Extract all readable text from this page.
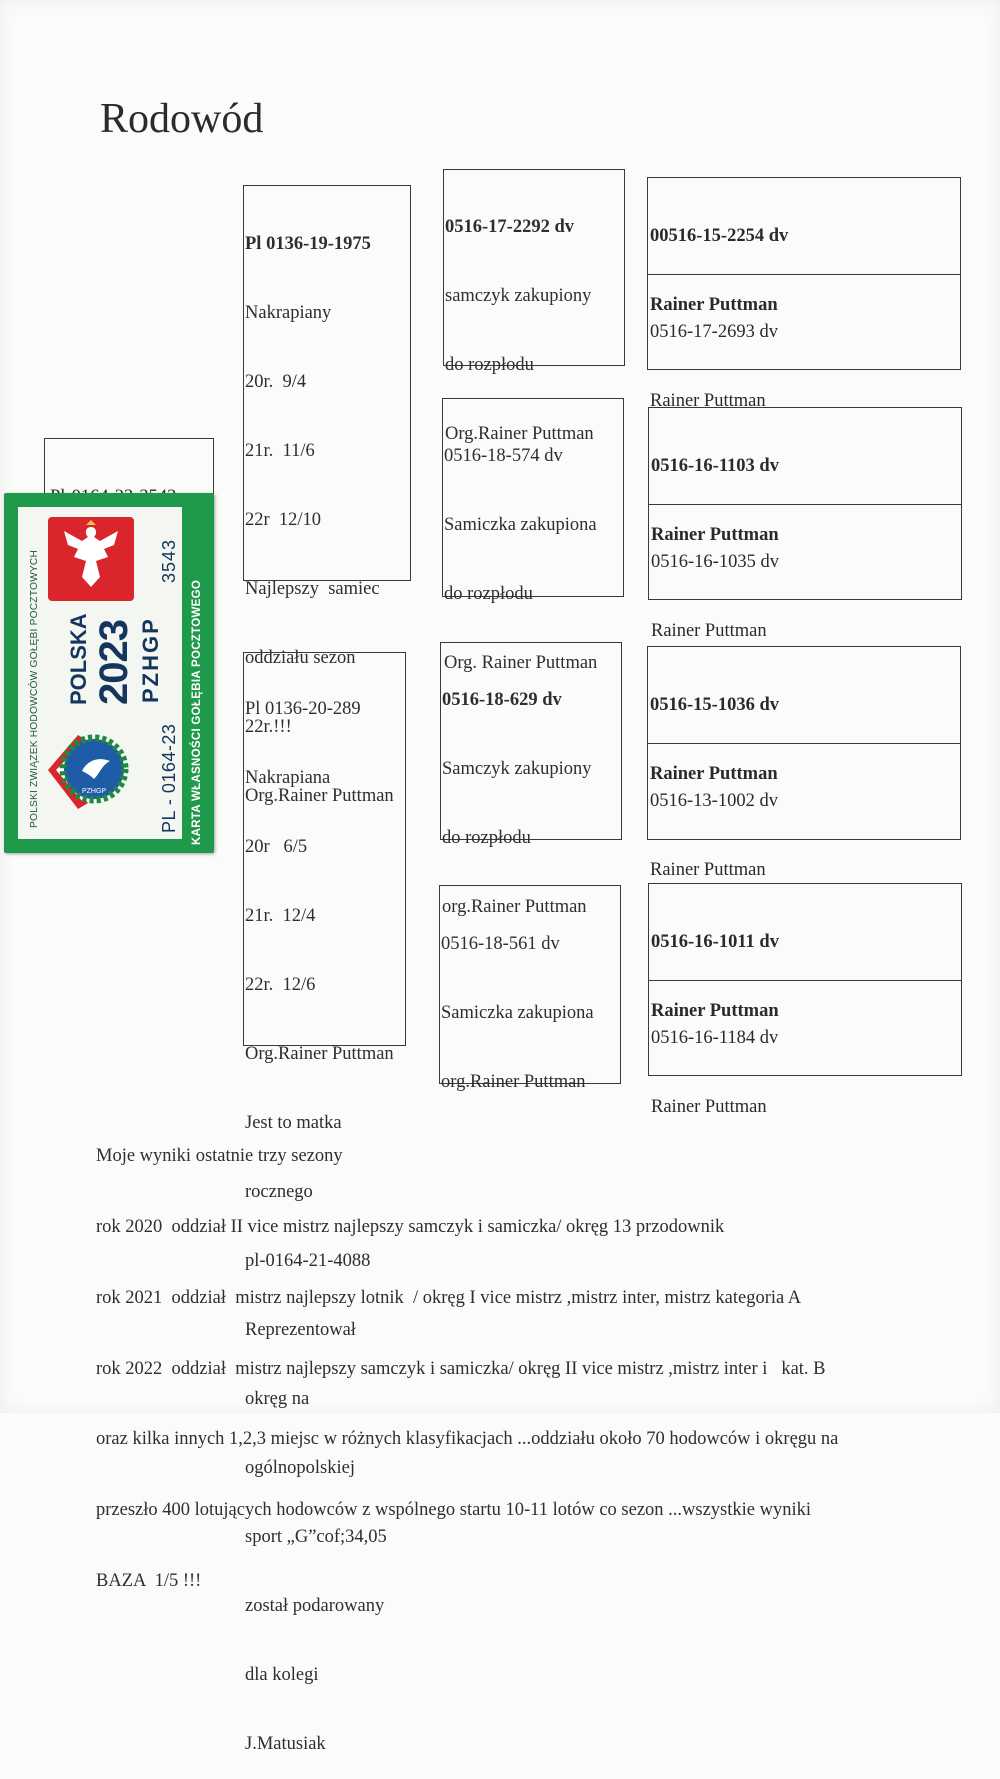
Rodowód

Pl 0136-19-1975

Nakrapiany

20r.  9/4

21r.  11/6

22r  12/10

Najlepszy  samiec

oddziału sezon

22r.!!!

Org.Rainer Puttman

Pl 0136-20-289

Nakrapiana

20r   6/5

21r.  12/4

22r.  12/6

Org.Rainer Puttman

Jest to matka

rocznego

pl-0164-21-4088

Reprezentował

okręg na

ogólnopolskiej

sport „G”cof;34,05

został podarowany

dla kolegi

J.Matusiak

0516-17-2292 dv

samczyk zakupiony

do rozpłodu

Org.Rainer Puttman

0516-18-574 dv

Samiczka zakupiona

do rozpłodu

Org. Rainer Puttman

0516-18-629 dv

Samczyk zakupiony

do rozpłodu

org.Rainer Puttman

0516-18-561 dv

Samiczka zakupiona

org.Rainer Puttman

00516-15-2254 dv

Rainer Puttman

0516-17-2693 dv

Rainer Puttman

0516-16-1103 dv

Rainer Puttman

0516-16-1035 dv

Rainer Puttman

0516-15-1036 dv

Rainer Puttman

0516-13-1002 dv

Rainer Puttman

0516-16-1011 dv

Rainer Puttman

0516-16-1184 dv

Rainer Puttman

POLSKI ZWIĄZEK HODOWCÓW GOŁĘBI POCZTOWYCH POLSKA 2023 PZHGP
3543
PZHGP	PL - 0164-23 KARTA WŁASNOŚCI GOŁĘBIA POCZTOWEGO

Moje wyniki ostatnie trzy sezony

rok 2020  oddział II vice mistrz najlepszy samczyk i samiczka/ okręg 13 przodownik

rok 2021  oddział  mistrz najlepszy lotnik  / okręg I vice mistrz ,mistrz inter, mistrz kategoria A

rok 2022  oddział  mistrz najlepszy samczyk i samiczka/ okręg II vice mistrz ,mistrz inter i   kat. B

oraz kilka innych 1,2,3 miejsc w różnych klasyfikacjach ...oddziału około 70 hodowców i okręgu na

przeszło 400 lotujących hodowców z wspólnego startu 10-11 lotów co sezon ...wszystkie wyniki

BAZA  1/5 !!!
